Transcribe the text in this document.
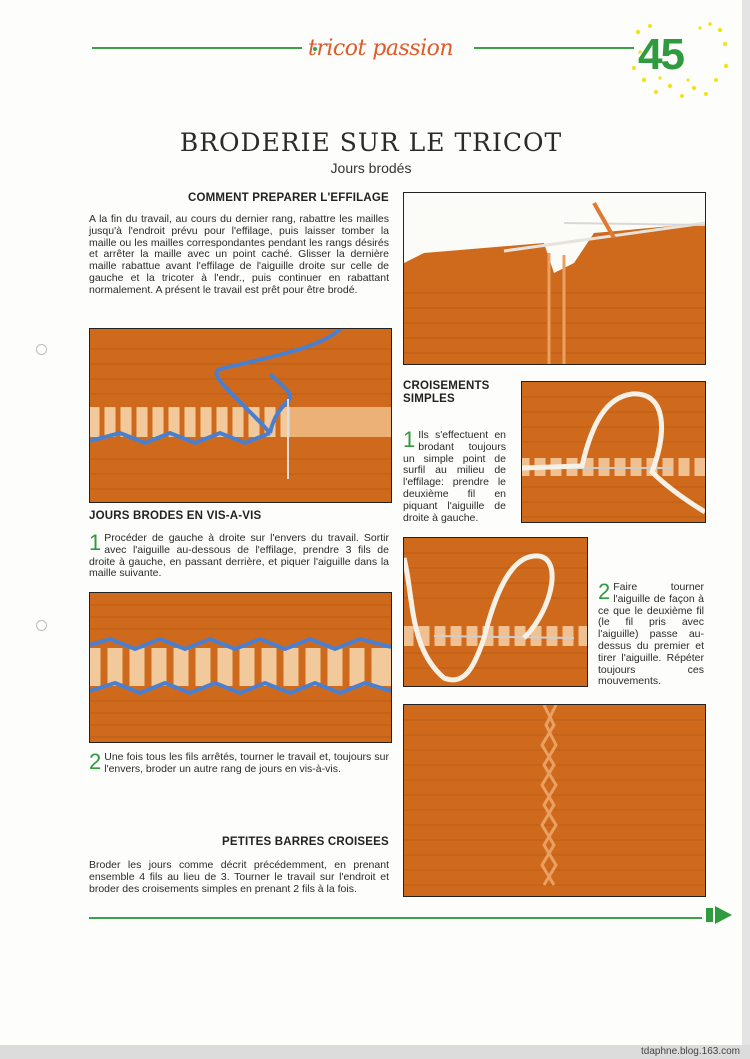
tricot passion	45
BRODERIE SUR LE TRICOT
Jours brodés
COMMENT PREPARER L'EFFILAGE

A la fin du travail, au cours du dernier rang, rabattre les mailles jusqu'à l'endroit prévu pour l'effilage, puis laisser tomber la maille ou les mailles correspondantes pendant les rangs désirés et arrêter la maille avec un point caché. Glisser la dernière maille rabattue avant l'effilage de l'aiguille droite sur celle de gauche et la tricoter à l'endr., puis continuer en rabattant normalement. A présent le travail est prêt pour être brodé.

CROISEMENTS SIMPLES

1 Ils s'effectuent en brodant toujours un simple point de surfil au milieu de l'effilage: prendre le deuxième fil en piquant l'aiguille de droite à gauche.

JOURS BRODES EN VIS-A-VIS

1 Procéder de gauche à droite sur l'envers du travail. Sortir avec l'aiguille au-dessous de l'effilage, prendre 3 fils de droite à gauche, en passant derrière, et piquer l'aiguille dans la maille suivante.

2 Faire tourner l'aiguille de façon à ce que le deuxième fil (le fil pris avec l'aiguille) passe au-dessus du premier et tirer l'aiguille. Répéter toujours ces mouvements.

2 Une fois tous les fils arrêtés, tourner le travail et, toujours sur l'envers, broder un autre rang de jours en vis-à-vis.

PETITES BARRES CROISEES

Broder les jours comme décrit précédemment, en prenant ensemble 4 fils au lieu de 3. Tourner le travail sur l'endroit et broder des croisements simples en prenant 2 fils à la fois.

tdaphne.blog.163.com
